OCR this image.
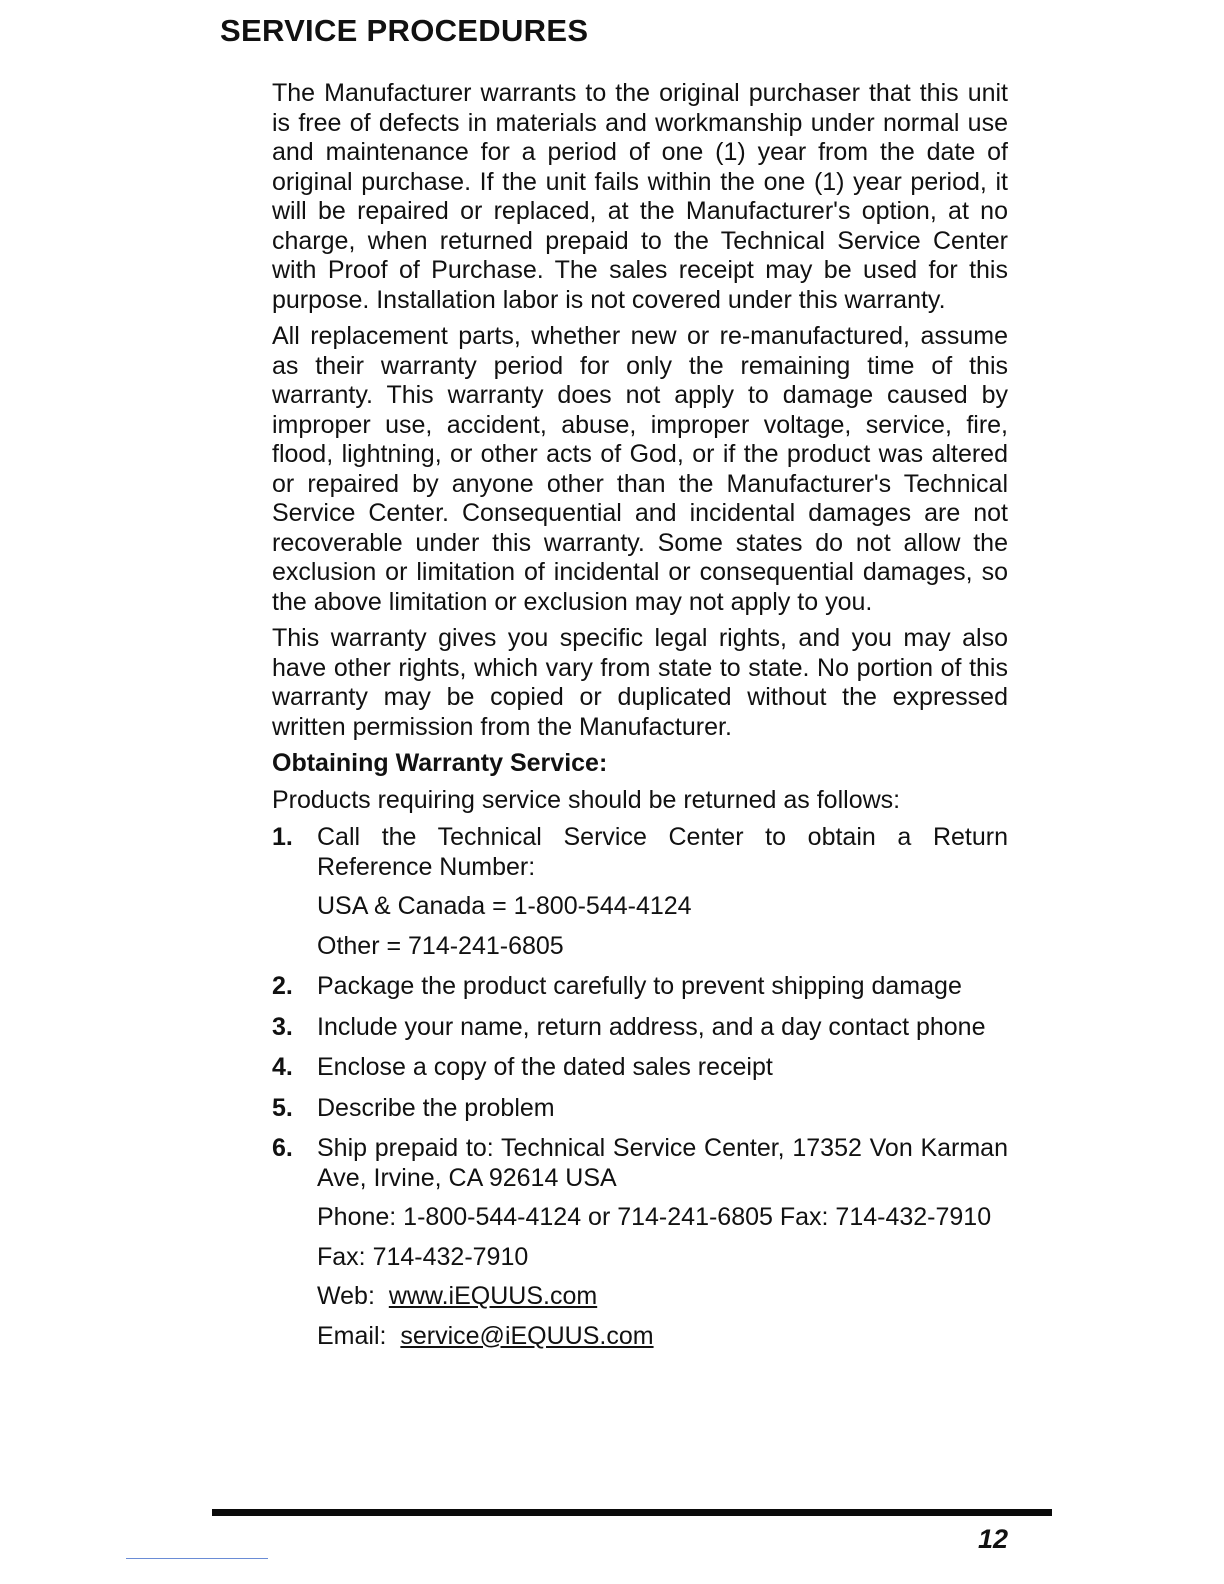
SERVICE PROCEDURES

The Manufacturer warrants to the original purchaser that this unit is free of defects in materials and workmanship under normal use and maintenance for a period of one (1) year from the date of original purchase. If the unit fails within the one (1) year period, it will be repaired or replaced, at the Manufacturer's option, at no charge, when returned prepaid to the Technical Service Center with Proof of Purchase. The sales receipt may be used for this purpose. Installation labor is not covered under this warranty.

All replacement parts, whether new or re-manufactured, assume as their warranty period for only the remaining time of this warranty. This warranty does not apply to damage caused by improper use, accident, abuse, improper voltage, service, fire, flood, lightning, or other acts of God, or if the product was altered or repaired by anyone other than the Manufacturer's Technical Service Center. Consequential and incidental damages are not recoverable under this warranty. Some states do not allow the exclusion or limitation of incidental or consequential damages, so the above limitation or exclusion may not apply to you.

This warranty gives you specific legal rights, and you may also have other rights, which vary from state to state. No portion of this warranty may be copied or duplicated without the expressed written permission from the Manufacturer.

Obtaining Warranty Service:
Products requiring service should be returned as follows:
1. Call the Technical Service Center to obtain a Return Reference Number:
USA & Canada = 1-800-544-4124
Other = 714-241-6805
2. Package the product carefully to prevent shipping damage
3. Include your name, return address, and a day contact phone
4. Enclose a copy of the dated sales receipt
5. Describe the problem
6. Ship prepaid to: Technical Service Center, 17352 Von Karman Ave, Irvine, CA 92614 USA
Phone: 1-800-544-4124 or 714-241-6805 Fax: 714-432-7910
Fax: 714-432-7910
Web: www.iEQUUS.com
Email: service@iEQUUS.com
12
